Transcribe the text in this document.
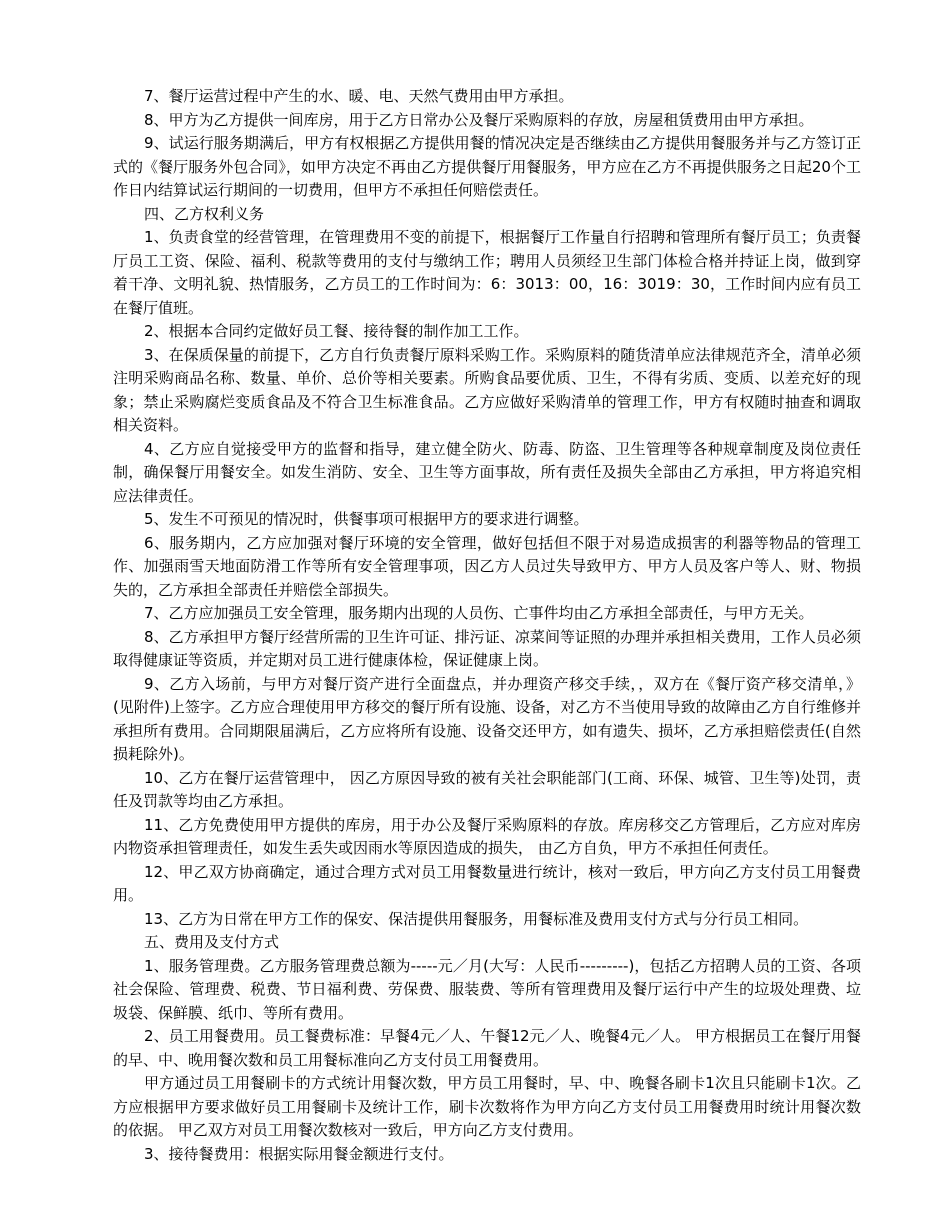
7、餐厅运营过程中产生的水、暖、电、天然气费用由甲方承担。

8、甲方为乙方提供一间库房，用于乙方日常办公及餐厅采购原料的存放，房屋租赁费用由甲方承担。

9、试运行服务期满后，甲方有权根据乙方提供用餐的情况决定是否继续由乙方提供用餐服务并与乙方签订正式的《餐厅服务外包合同》，如甲方决定不再由乙方提供餐厅用餐服务，甲方应在乙方不再提供服务之日起20个工作日内结算试运行期间的一切费用，但甲方不承担任何赔偿责任。

四、乙方权利义务

1、负责食堂的经营管理，在管理费用不变的前提下，根据餐厅工作量自行招聘和管理所有餐厅员工；负责餐厅员工工资、保险、福利、税款等费用的支付与缴纳工作；聘用人员须经卫生部门体检合格并持证上岗，做到穿着干净、文明礼貌、热情服务，乙方员工的工作时间为：6：3013：00，16：3019：30，工作时间内应有员工在餐厅值班。

2、根据本合同约定做好员工餐、接待餐的制作加工工作。

3、在保质保量的前提下，乙方自行负责餐厅原料采购工作。采购原料的随货清单应法律规范齐全，清单必须注明采购商品名称、数量、单价、总价等相关要素。所购食品要优质、卫生，不得有劣质、变质、以差充好的现象；禁止采购腐烂变质食品及不符合卫生标准食品。乙方应做好采购清单的管理工作，甲方有权随时抽查和调取相关资料。

4、乙方应自觉接受甲方的监督和指导，建立健全防火、防毒、防盗、卫生管理等各种规章制度及岗位责任制，确保餐厅用餐安全。如发生消防、安全、卫生等方面事故，所有责任及损失全部由乙方承担，甲方将追究相应法律责任。

5、发生不可预见的情况时，供餐事项可根据甲方的要求进行调整。

6、服务期内，乙方应加强对餐厅环境的安全管理，做好包括但不限于对易造成损害的利器等物品的管理工作、加强雨雪天地面防滑工作等所有安全管理事项，因乙方人员过失导致甲方、甲方人员及客户等人、财、物损失的，乙方承担全部责任并赔偿全部损失。

7、乙方应加强员工安全管理，服务期内出现的人员伤、亡事件均由乙方承担全部责任，与甲方无关。

8、乙方承担甲方餐厅经营所需的卫生许可证、排污证、凉菜间等证照的办理并承担相关费用，工作人员必须取得健康证等资质，并定期对员工进行健康体检，保证健康上岗。

9、乙方入场前，与甲方对餐厅资产进行全面盘点，并办理资产移交手续，，双方在《餐厅资产移交清单，》(见附件)上签字。乙方应合理使用甲方移交的餐厅所有设施、设备，对乙方不当使用导致的故障由乙方自行维修并承担所有费用。合同期限届满后，乙方应将所有设施、设备交还甲方，如有遗失、损坏，乙方承担赔偿责任(自然损耗除外)。

10、乙方在餐厅运营管理中， 因乙方原因导致的被有关社会职能部门(工商、环保、城管、卫生等)处罚，责任及罚款等均由乙方承担。

11、乙方免费使用甲方提供的库房，用于办公及餐厅采购原料的存放。库房移交乙方管理后，乙方应对库房内物资承担管理责任，如发生丢失或因雨水等原因造成的损失， 由乙方自负，甲方不承担任何责任。

12、甲乙双方协商确定，通过合理方式对员工用餐数量进行统计，核对一致后，甲方向乙方支付员工用餐费用。

13、乙方为日常在甲方工作的保安、保洁提供用餐服务，用餐标准及费用支付方式与分行员工相同。

五、费用及支付方式

1、服务管理费。乙方服务管理费总额为-----元／月(大写：人民币---------)，包括乙方招聘人员的工资、各项社会保险、管理费、税费、节日福利费、劳保费、服装费、等所有管理费用及餐厅运行中产生的垃圾处理费、垃圾袋、保鲜膜、纸巾、等所有费用。

2、员工用餐费用。员工餐费标准：早餐4元／人、午餐12元／人、晚餐4元／人。 甲方根据员工在餐厅用餐的早、中、晚用餐次数和员工用餐标准向乙方支付员工用餐费用。

甲方通过员工用餐刷卡的方式统计用餐次数，甲方员工用餐时，早、中、晚餐各刷卡1次且只能刷卡1次。乙方应根据甲方要求做好员工用餐刷卡及统计工作，刷卡次数将作为甲方向乙方支付员工用餐费用时统计用餐次数的依据。 甲乙双方对员工用餐次数核对一致后，甲方向乙方支付费用。

3、接待餐费用：根据实际用餐金额进行支付。
